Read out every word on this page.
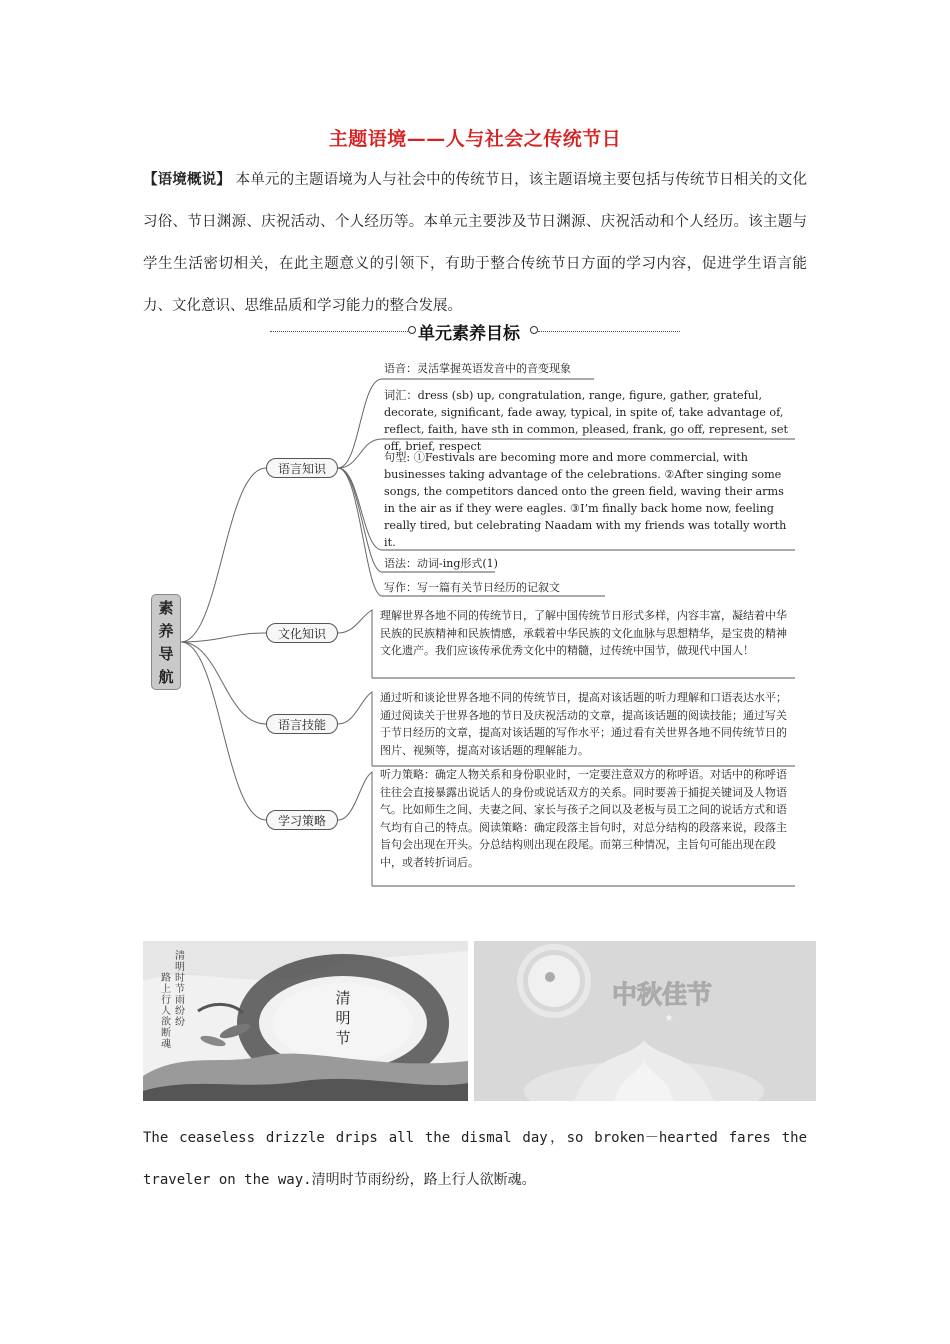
主题语境——人与社会之传统节日
【语境概说】 本单元的主题语境为人与社会中的传统节日，该主题语境主要包括与传统节日相关的文化习俗、节日渊源、庆祝活动、个人经历等。本单元主要涉及节日渊源、庆祝活动和个人经历。该主题与学生生活密切相关，在此主题意义的引领下，有助于整合传统节日方面的学习内容，促进学生语言能力、文化意识、思维品质和学习能力的整合发展。
单元素养目标
素
养
导
航
语言知识
文化知识
语言技能
学习策略
语音：灵活掌握英语发音中的音变现象
词汇：dress (sb) up, congratulation, range, figure, gather, grateful, decorate, significant, fade away, typical, in spite of, take advantage of, reflect, faith, have sth in common, pleased, frank, go off, represent, set off, brief, respect
句型: ①Festivals are becoming more and more commercial, with businesses taking advantage of the celebrations. ②After singing some songs, the competitors danced onto the green field, waving their arms in the air as if they were eagles. ③I’m finally back home now, feeling really tired, but celebrating Naadam with my friends was totally worth it.
语法：动词-ing形式(1)
写作：写一篇有关节日经历的记叙文
理解世界各地不同的传统节日，了解中国传统节日形式多样，内容丰富，凝结着中华民族的民族精神和民族情感，承载着中华民族的文化血脉与思想精华，是宝贵的精神文化遗产。我们应该传承优秀文化中的精髓，过传统中国节，做现代中国人！
通过听和谈论世界各地不同的传统节日，提高对该话题的听力理解和口语表达水平；通过阅读关于世界各地的节日及庆祝活动的文章，提高该话题的阅读技能；通过写关于节日经历的文章，提高对该话题的写作水平；通过看有关世界各地不同传统节日的图片、视频等，提高对该话题的理解能力。
听力策略：确定人物关系和身份职业时，一定要注意双方的称呼语。对话中的称呼语往往会直接暴露出说话人的身份或说话双方的关系。同时要善于捕捉关键词及人物语气。比如师生之间、夫妻之间、家长与孩子之间以及老板与员工之间的说话方式和语气均有自己的特点。阅读策略：确定段落主旨句时，对总分结构的段落来说，段落主旨句会出现在开头。分总结构则出现在段尾。而第三种情况，主旨句可能出现在段中，或者转折词后。
清明节
清明时节雨纷纷 路上行人欲断魂
中秋佳节
★
The ceaseless drizzle drips all the dismal day，so broken－hearted fares the
traveler on the way.清明时节雨纷纷，路上行人欲断魂。
